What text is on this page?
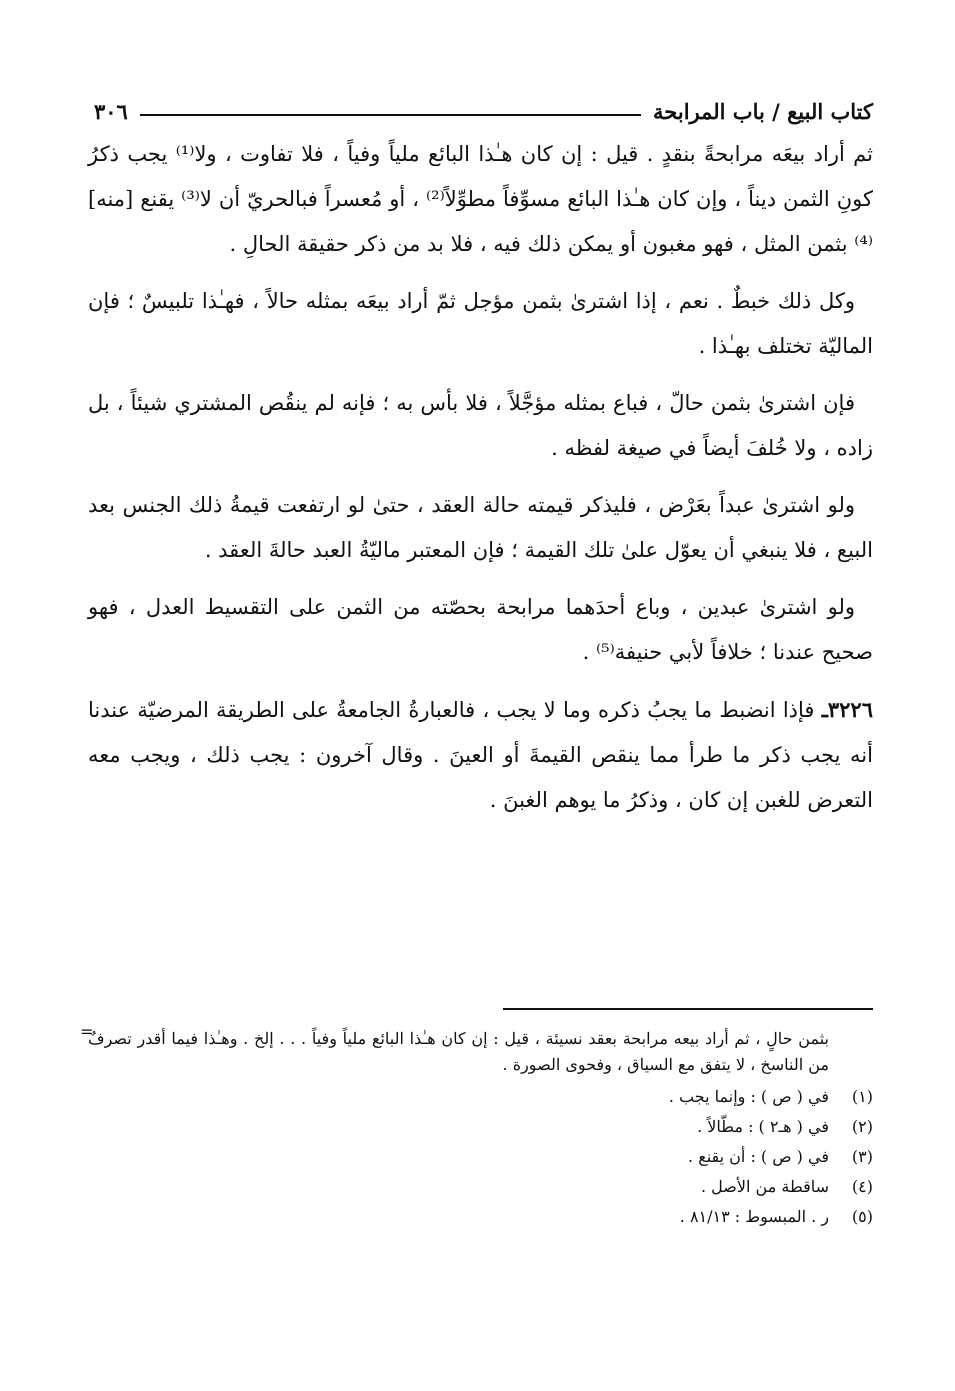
كتاب البيع / باب المرابحة
٣٠٦

ثم أراد بيعَه مرابحةً بنقدٍ . قيل : إن كان هـٰذا البائع ملياً وفياً ، فلا تفاوت ، ولا⁽¹⁾ يجب ذكرُ كونِ الثمن ديناً ، وإن كان هـٰذا البائع مسوِّفاً مطوِّلاً⁽²⁾ ، أو مُعسراً فبالحريّ أن لا⁽³⁾ يقنع [منه]⁽⁴⁾ بثمن المثل ، فهو مغبون أو يمكن ذلك فيه ، فلا بد من ذكر حقيقة الحالِ .

وكل ذلك خبطٌ . نعم ، إذا اشترىٰ بثمن مؤجل ثمّ أراد بيعَه بمثله حالاً ، فهـٰذا تلبيسٌ ؛ فإن الماليّة تختلف بهـٰذا .

فإن اشترىٰ بثمن حالّ ، فباع بمثله مؤجَّلاً ، فلا بأس به ؛ فإنه لم ينقُص المشتري شيئاً ، بل زاده ، ولا خُلفَ أيضاً في صيغة لفظه .

ولو اشترىٰ عبداً بعَرْض ، فليذكر قيمته حالة العقد ، حتىٰ لو ارتفعت قيمةُ ذلك الجنس بعد البيع ، فلا ينبغي أن يعوّل علىٰ تلك القيمة ؛ فإن المعتبر ماليّةُ العبد حالةَ العقد .

ولو اشترىٰ عبدين ، وباع أحدَهما مرابحة بحصّته من الثمن على التقسيط العدل ، فهو صحيح عندنا ؛ خلافاً لأبي حنيفة⁽⁵⁾ .

٣٢٢٦ـ فإذا انضبط ما يجبُ ذكره وما لا يجب ، فالعبارةُ الجامعةُ على الطريقة المرضيّة عندنا أنه يجب ذكر ما طرأ مما ينقص القيمةَ أو العينَ . وقال آخرون : يجب ذلك ، ويجب معه التعرض للغبن إن كان ، وذكرُ ما يوهم الغبنَ .

=
بثمن حالٍ ، ثم أراد بيعه مرابحة بعقد نسيئة ، قيل : إن كان هـٰذا البائع ملياً وفياً . . . إلخ . وهـٰذا فيما أقدر تصرفٌ من الناسخ ، لا يتفق مع السياق ، وفحوى الصورة .
(١)
في ( ص ) : وإنما يجب .
(٢)
في ( هـ٢ ) : مطّالاً .
(٣)
في ( ص ) : أن يقنع .
(٤)
ساقطة من الأصل .
(٥)
ر . المبسوط : ٨١/١٣ .
